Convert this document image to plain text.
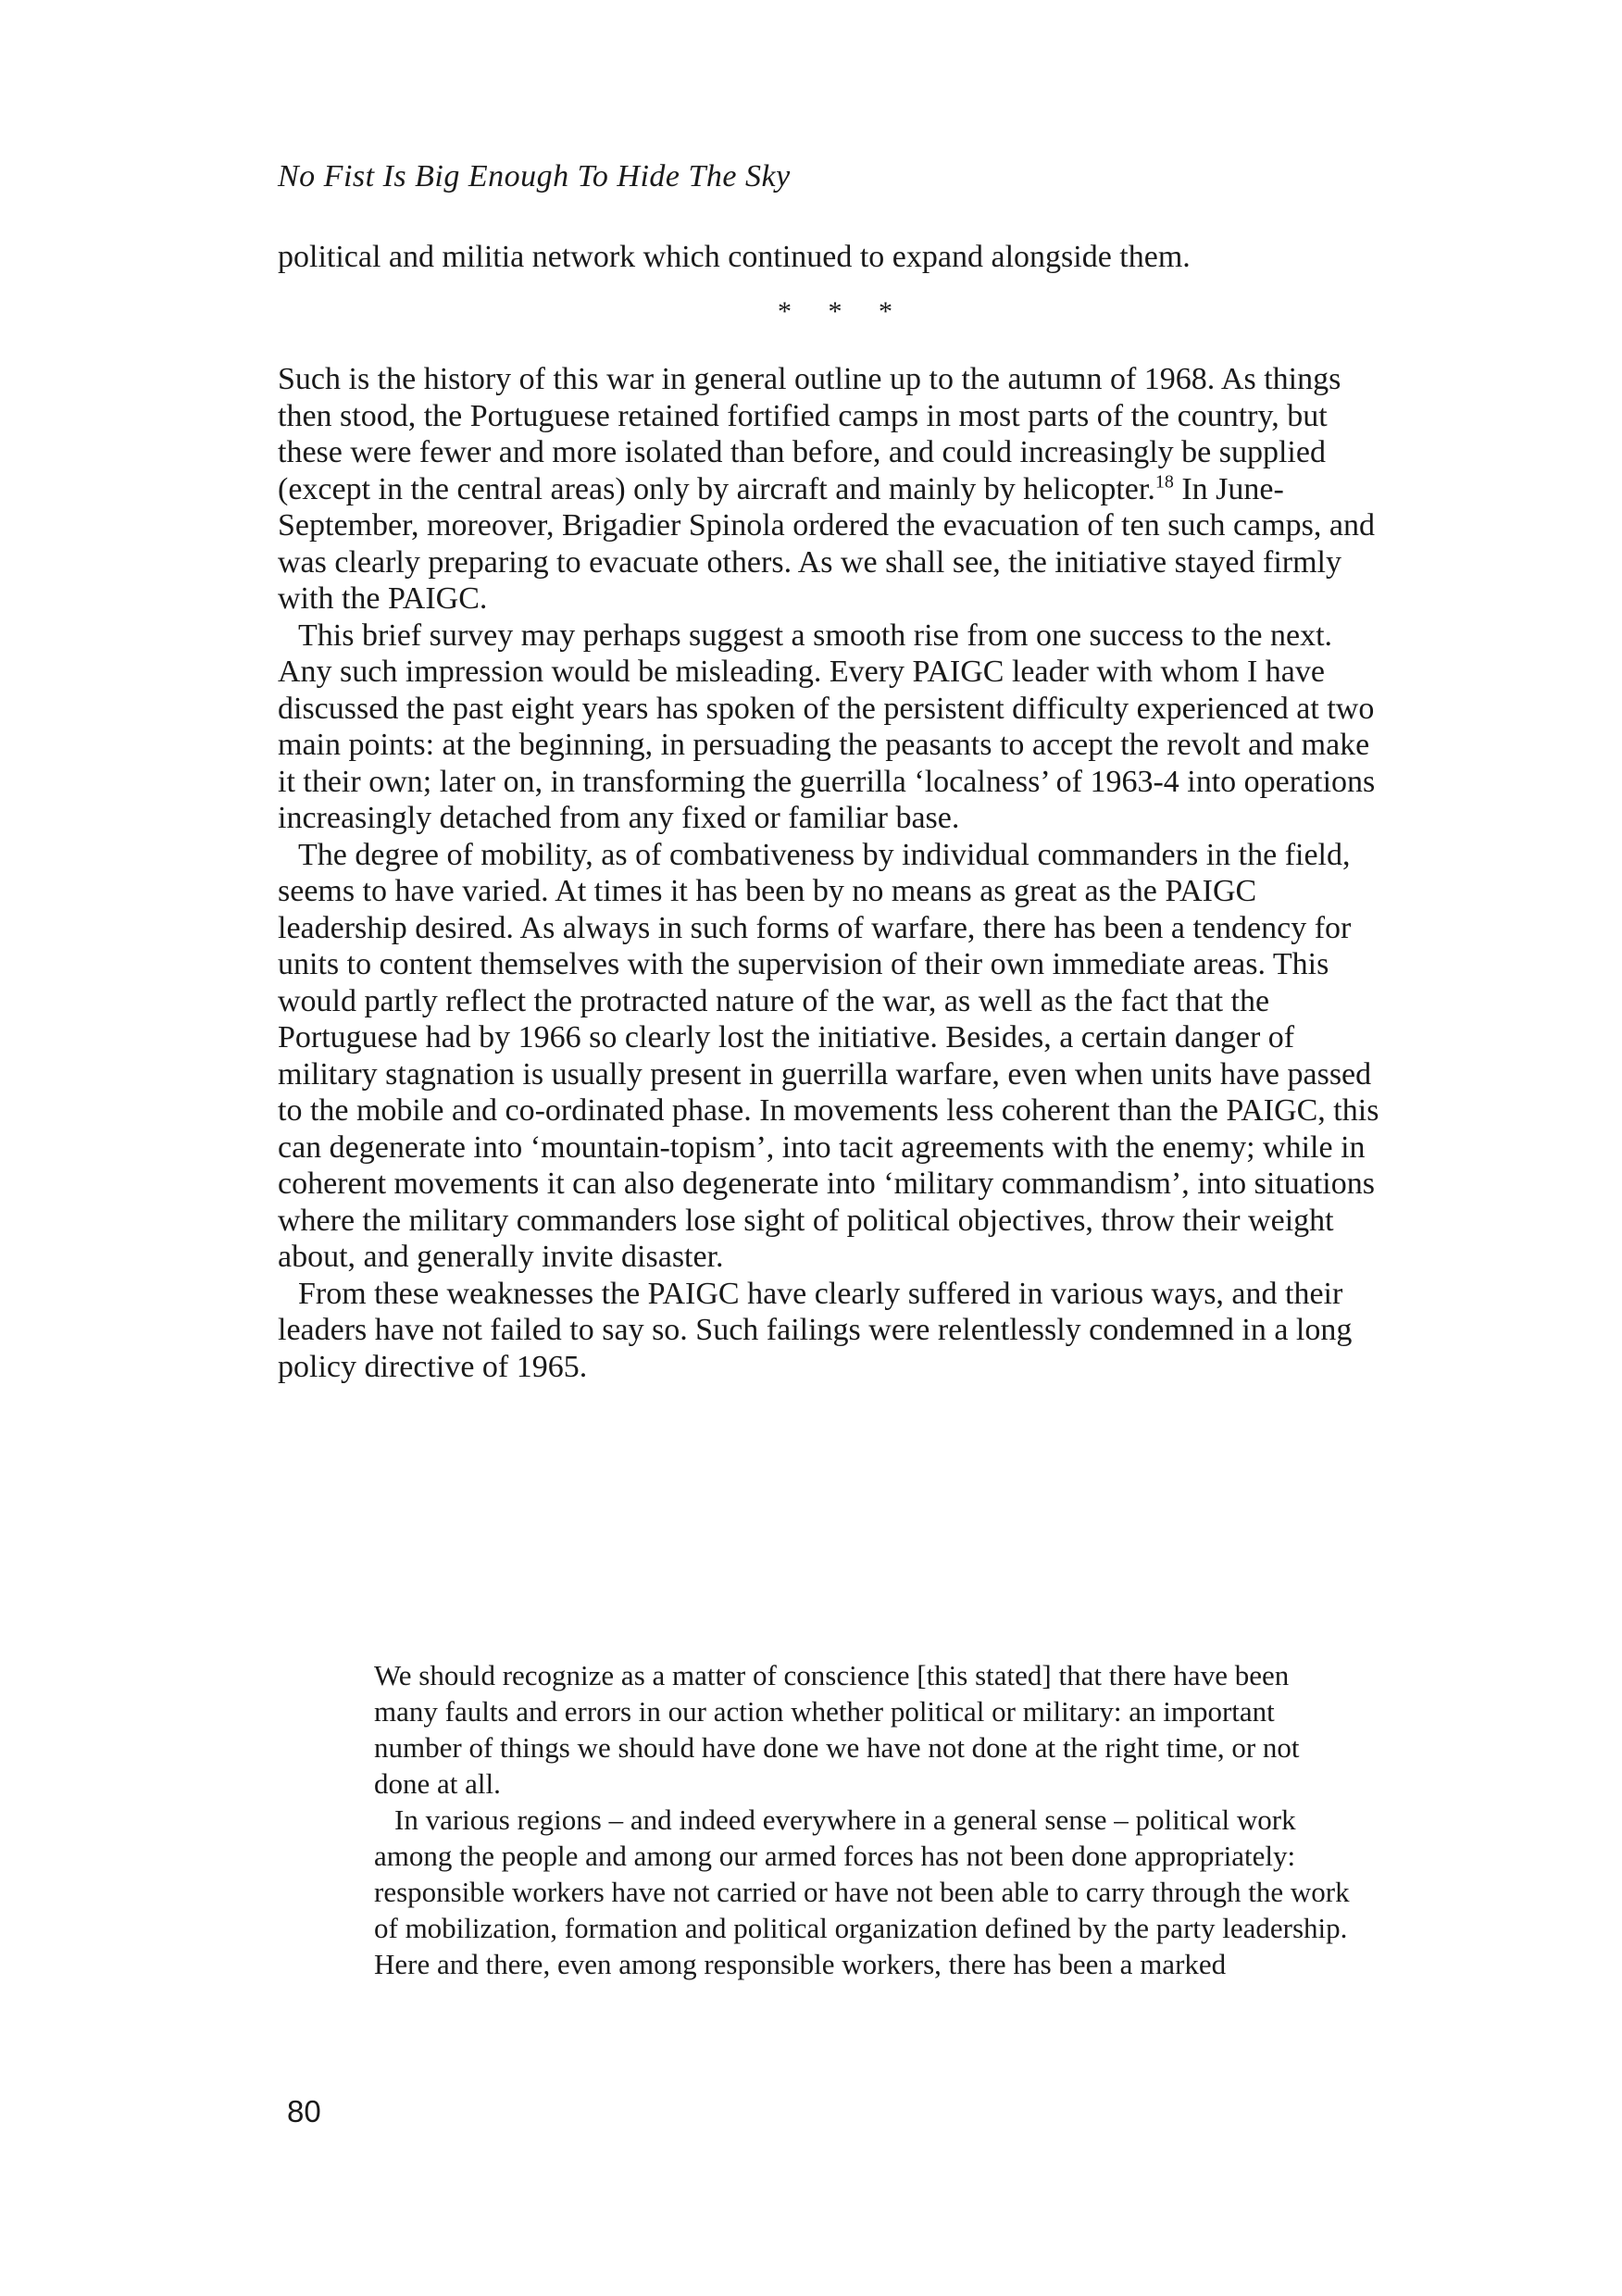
No Fist Is Big Enough To Hide The Sky
political and militia network which continued to expand alongside them.
* * *

Such is the history of this war in general outline up to the autumn of 1968. As things then stood, the Portuguese retained fortified camps in most parts of the country, but these were fewer and more isolated than before, and could increasingly be supplied (except in the central areas) only by aircraft and mainly by helicopter.$^{18}$ In June-September, moreover, Brigadier Spinola ordered the evacuation of ten such camps, and was clearly preparing to evacuate others. As we shall see, the initiative stayed firmly with the PAIGC.

This brief survey may perhaps suggest a smooth rise from one success to the next. Any such impression would be misleading. Every PAIGC leader with whom I have discussed the past eight years has spoken of the persistent difficulty experienced at two main points: at the beginning, in persuading the peasants to accept the revolt and make it their own; later on, in transforming the guerrilla ‘localness’ of 1963-4 into operations increasingly detached from any fixed or familiar base.

The degree of mobility, as of combativeness by individual commanders in the field, seems to have varied. At times it has been by no means as great as the PAIGC leadership desired. As always in such forms of warfare, there has been a tendency for units to content themselves with the supervision of their own immediate areas. This would partly reflect the protracted nature of the war, as well as the fact that the Portuguese had by 1966 so clearly lost the initiative. Besides, a certain danger of military stagnation is usually present in guerrilla warfare, even when units have passed to the mobile and co-ordinated phase. In movements less coherent than the PAIGC, this can degenerate into ‘mountain-topism’, into tacit agreements with the enemy; while in coherent movements it can also degenerate into ‘military commandism’, into situations where the military commanders lose sight of political objectives, throw their weight about, and generally invite disaster.

From these weaknesses the PAIGC have clearly suffered in various ways, and their leaders have not failed to say so. Such failings were relentlessly condemned in a long policy directive of 1965.

We should recognize as a matter of conscience [this stated] that there have been many faults and errors in our action whether political or military: an important number of things we should have done we have not done at the right time, or not done at all.

In various regions – and indeed everywhere in a general sense – political work among the people and among our armed forces has not been done appropriately: responsible workers have not carried or have not been able to carry through the work of mobilization, formation and political organization defined by the party leadership. Here and there, even among responsible workers, there has been a marked

80
